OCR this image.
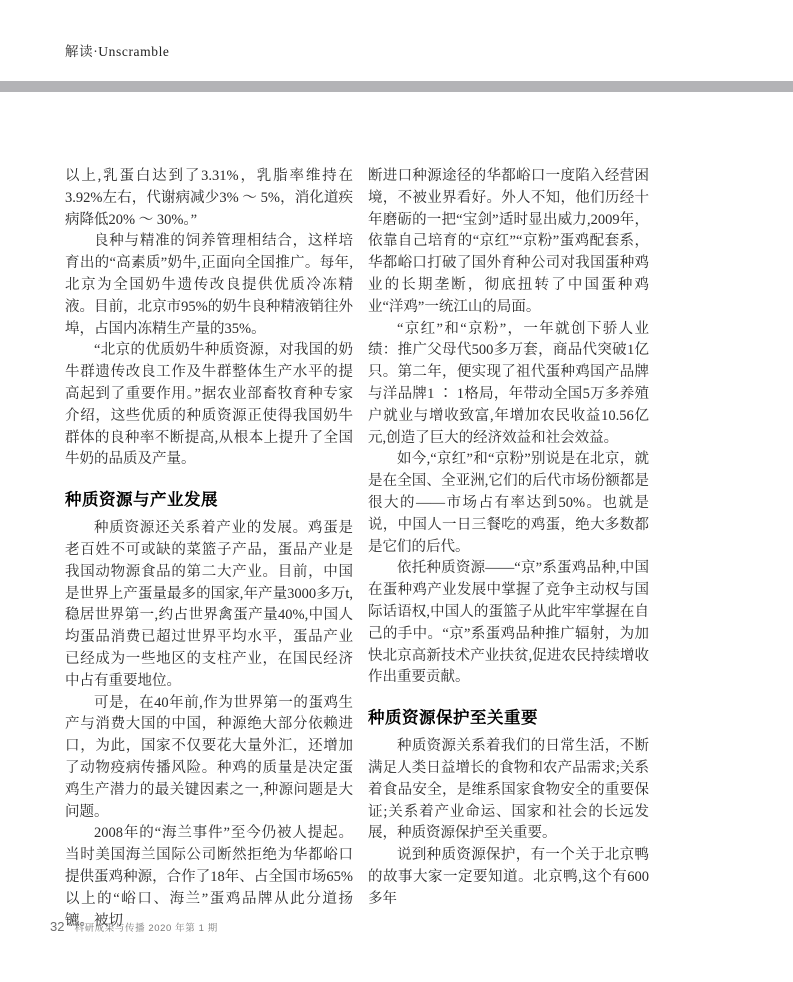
解读·Unscramble

以上,乳蛋白达到了3.31%，乳脂率维持在3.92%左右，代谢病减少3% ～ 5%，消化道疾病降低20% ～ 30%。”

良种与精准的饲养管理相结合，这样培育出的“高素质”奶牛,正面向全国推广。每年,北京为全国奶牛遗传改良提供优质冷冻精液。目前，北京市95%的奶牛良种精液销往外埠，占国内冻精生产量的35%。

“北京的优质奶牛种质资源，对我国的奶牛群遗传改良工作及牛群整体生产水平的提高起到了重要作用。”据农业部畜牧育种专家介绍，这些优质的种质资源正使得我国奶牛群体的良种率不断提高,从根本上提升了全国牛奶的品质及产量。

种质资源与产业发展

种质资源还关系着产业的发展。鸡蛋是老百姓不可或缺的菜篮子产品，蛋品产业是我国动物源食品的第二大产业。目前，中国是世界上产蛋量最多的国家,年产量3000多万t,稳居世界第一,约占世界禽蛋产量40%,中国人均蛋品消费已超过世界平均水平，蛋品产业已经成为一些地区的支柱产业，在国民经济中占有重要地位。

可是，在40年前,作为世界第一的蛋鸡生产与消费大国的中国，种源绝大部分依赖进口，为此，国家不仅要花大量外汇，还增加了动物疫病传播风险。种鸡的质量是决定蛋鸡生产潜力的最关键因素之一,种源问题是大问题。

2008年的“海兰事件”至今仍被人提起。当时美国海兰国际公司断然拒绝为华都峪口提供蛋鸡种源，合作了18年、占全国市场65%以上的“峪口、海兰”蛋鸡品牌从此分道扬镳。被切

断进口种源途径的华都峪口一度陷入经营困境，不被业界看好。外人不知，他们历经十年磨砺的一把“宝剑”适时显出威力,2009年，依靠自己培育的“京红”“京粉”蛋鸡配套系，华都峪口打破了国外育种公司对我国蛋种鸡业的长期垄断，彻底扭转了中国蛋种鸡业“洋鸡”一统江山的局面。

“京红”和“京粉”，一年就创下骄人业绩：推广父母代500多万套，商品代突破1亿只。第二年，便实现了祖代蛋种鸡国产品牌与洋品牌1 ∶ 1格局，年带动全国5万多养殖户就业与增收致富,年增加农民收益10.56亿元,创造了巨大的经济效益和社会效益。

如今,“京红”和“京粉”别说是在北京，就是在全国、全亚洲,它们的后代市场份额都是很大的——市场占有率达到50%。也就是说，中国人一日三餐吃的鸡蛋，绝大多数都是它们的后代。

依托种质资源——“京”系蛋鸡品种,中国在蛋种鸡产业发展中掌握了竞争主动权与国际话语权,中国人的蛋篮子从此牢牢掌握在自己的手中。“京”系蛋鸡品种推广辐射，为加快北京高新技术产业扶贫,促进农民持续增收作出重要贡献。

种质资源保护至关重要

种质资源关系着我们的日常生活，不断满足人类日益增长的食物和农产品需求;关系着食品安全，是维系国家食物安全的重要保证;关系着产业命运、国家和社会的长远发展，种质资源保护至关重要。

说到种质资源保护，有一个关于北京鸭的故事大家一定要知道。北京鸭,这个有600多年

32 科研成果与传播 2020 年第 1 期
